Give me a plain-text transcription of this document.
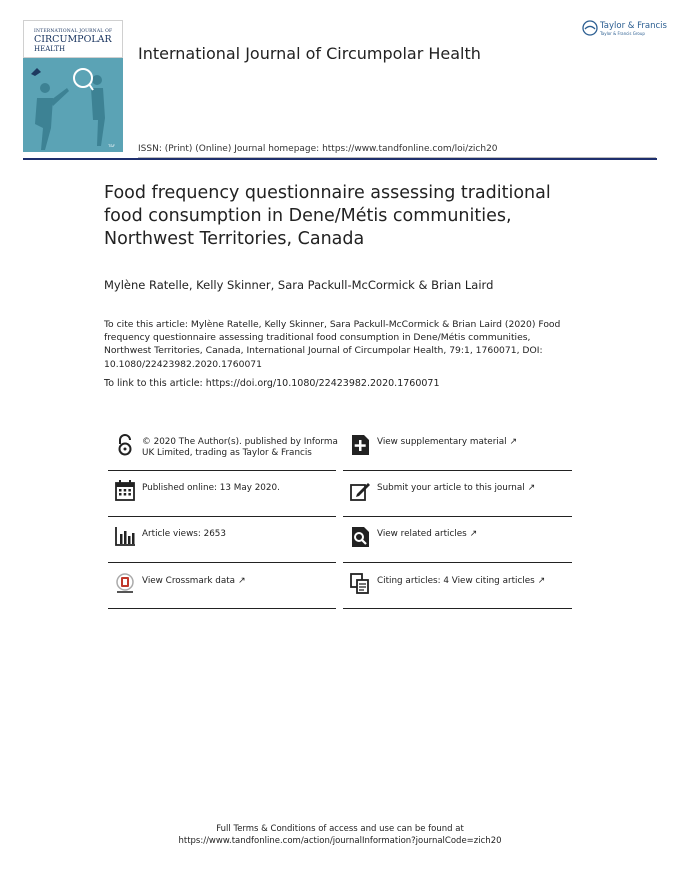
INTERNATIONAL JOURNAL OF
CIRCUMPOLAR
HEALTH
T&F
International Journal of Circumpolar Health
ISSN: (Print) (Online) Journal homepage: https://www.tandfonline.com/loi/zich20
Taylor & Francis
Taylor & Francis Group
Food frequency questionnaire assessing traditional food consumption in Dene/Métis communities, Northwest Territories, Canada
Mylène Ratelle, Kelly Skinner, Sara Packull-McCormick & Brian Laird
To cite this article: Mylène Ratelle, Kelly Skinner, Sara Packull-McCormick & Brian Laird (2020) Food frequency questionnaire assessing traditional food consumption in Dene/Métis communities, Northwest Territories, Canada, International Journal of Circumpolar Health, 79:1, 1760071, DOI: 10.1080/22423982.2020.1760071
To link to this article: https://doi.org/10.1080/22423982.2020.1760071
© 2020 The Author(s). published by Informa UK Limited, trading as Taylor & Francis
Published online: 13 May 2020.
Article views: 2653
View Crossmark data ↗
View supplementary material ↗
Submit your article to this journal ↗
View related articles ↗
Citing articles: 4 View citing articles ↗
Full Terms & Conditions of access and use can be found at
https://www.tandfonline.com/action/journalInformation?journalCode=zich20
